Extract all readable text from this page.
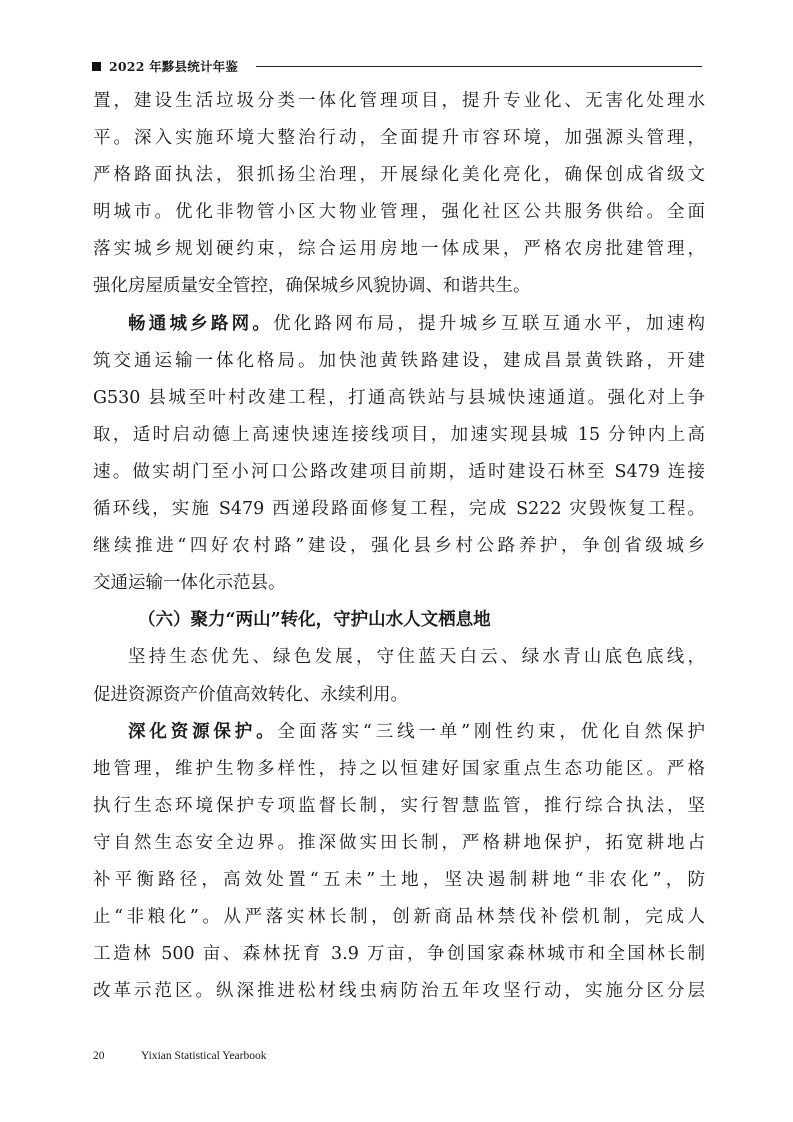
2022 年黟县统计年鉴
置，建设生活垃圾分类一体化管理项目，提升专业化、无害化处理水
平。深入实施环境大整治行动，全面提升市容环境，加强源头管理，
严格路面执法，狠抓扬尘治理，开展绿化美化亮化，确保创成省级文
明城市。优化非物管小区大物业管理，强化社区公共服务供给。全面
落实城乡规划硬约束，综合运用房地一体成果，严格农房批建管理，
强化房屋质量安全管控，确保城乡风貌协调、和谐共生。
畅通城乡路网。优化路网布局，提升城乡互联互通水平，加速构
筑交通运输一体化格局。加快池黄铁路建设，建成昌景黄铁路，开建
G530 县城至叶村改建工程，打通高铁站与县城快速通道。强化对上争
取，适时启动德上高速快速连接线项目，加速实现县城 15 分钟内上高
速。做实胡门至小河口公路改建项目前期，适时建设石林至 S479 连接
循环线，实施 S479 西递段路面修复工程，完成 S222 灾毁恢复工程。
继续推进“四好农村路”建设，强化县乡村公路养护，争创省级城乡
交通运输一体化示范县。
（六）聚力“两山”转化，守护山水人文栖息地
坚持生态优先、绿色发展，守住蓝天白云、绿水青山底色底线，
促进资源资产价值高效转化、永续利用。
深化资源保护。全面落实“三线一单”刚性约束，优化自然保护
地管理，维护生物多样性，持之以恒建好国家重点生态功能区。严格
执行生态环境保护专项监督长制，实行智慧监管，推行综合执法，坚
守自然生态安全边界。推深做实田长制，严格耕地保护，拓宽耕地占
补平衡路径，高效处置“五未”土地，坚决遏制耕地“非农化”，防
止“非粮化”。从严落实林长制，创新商品林禁伐补偿机制，完成人
工造林 500 亩、森林抚育 3.9 万亩，争创国家森林城市和全国林长制
改革示范区。纵深推进松材线虫病防治五年攻坚行动，实施分区分层
20	Yixian Statistical Yearbook
